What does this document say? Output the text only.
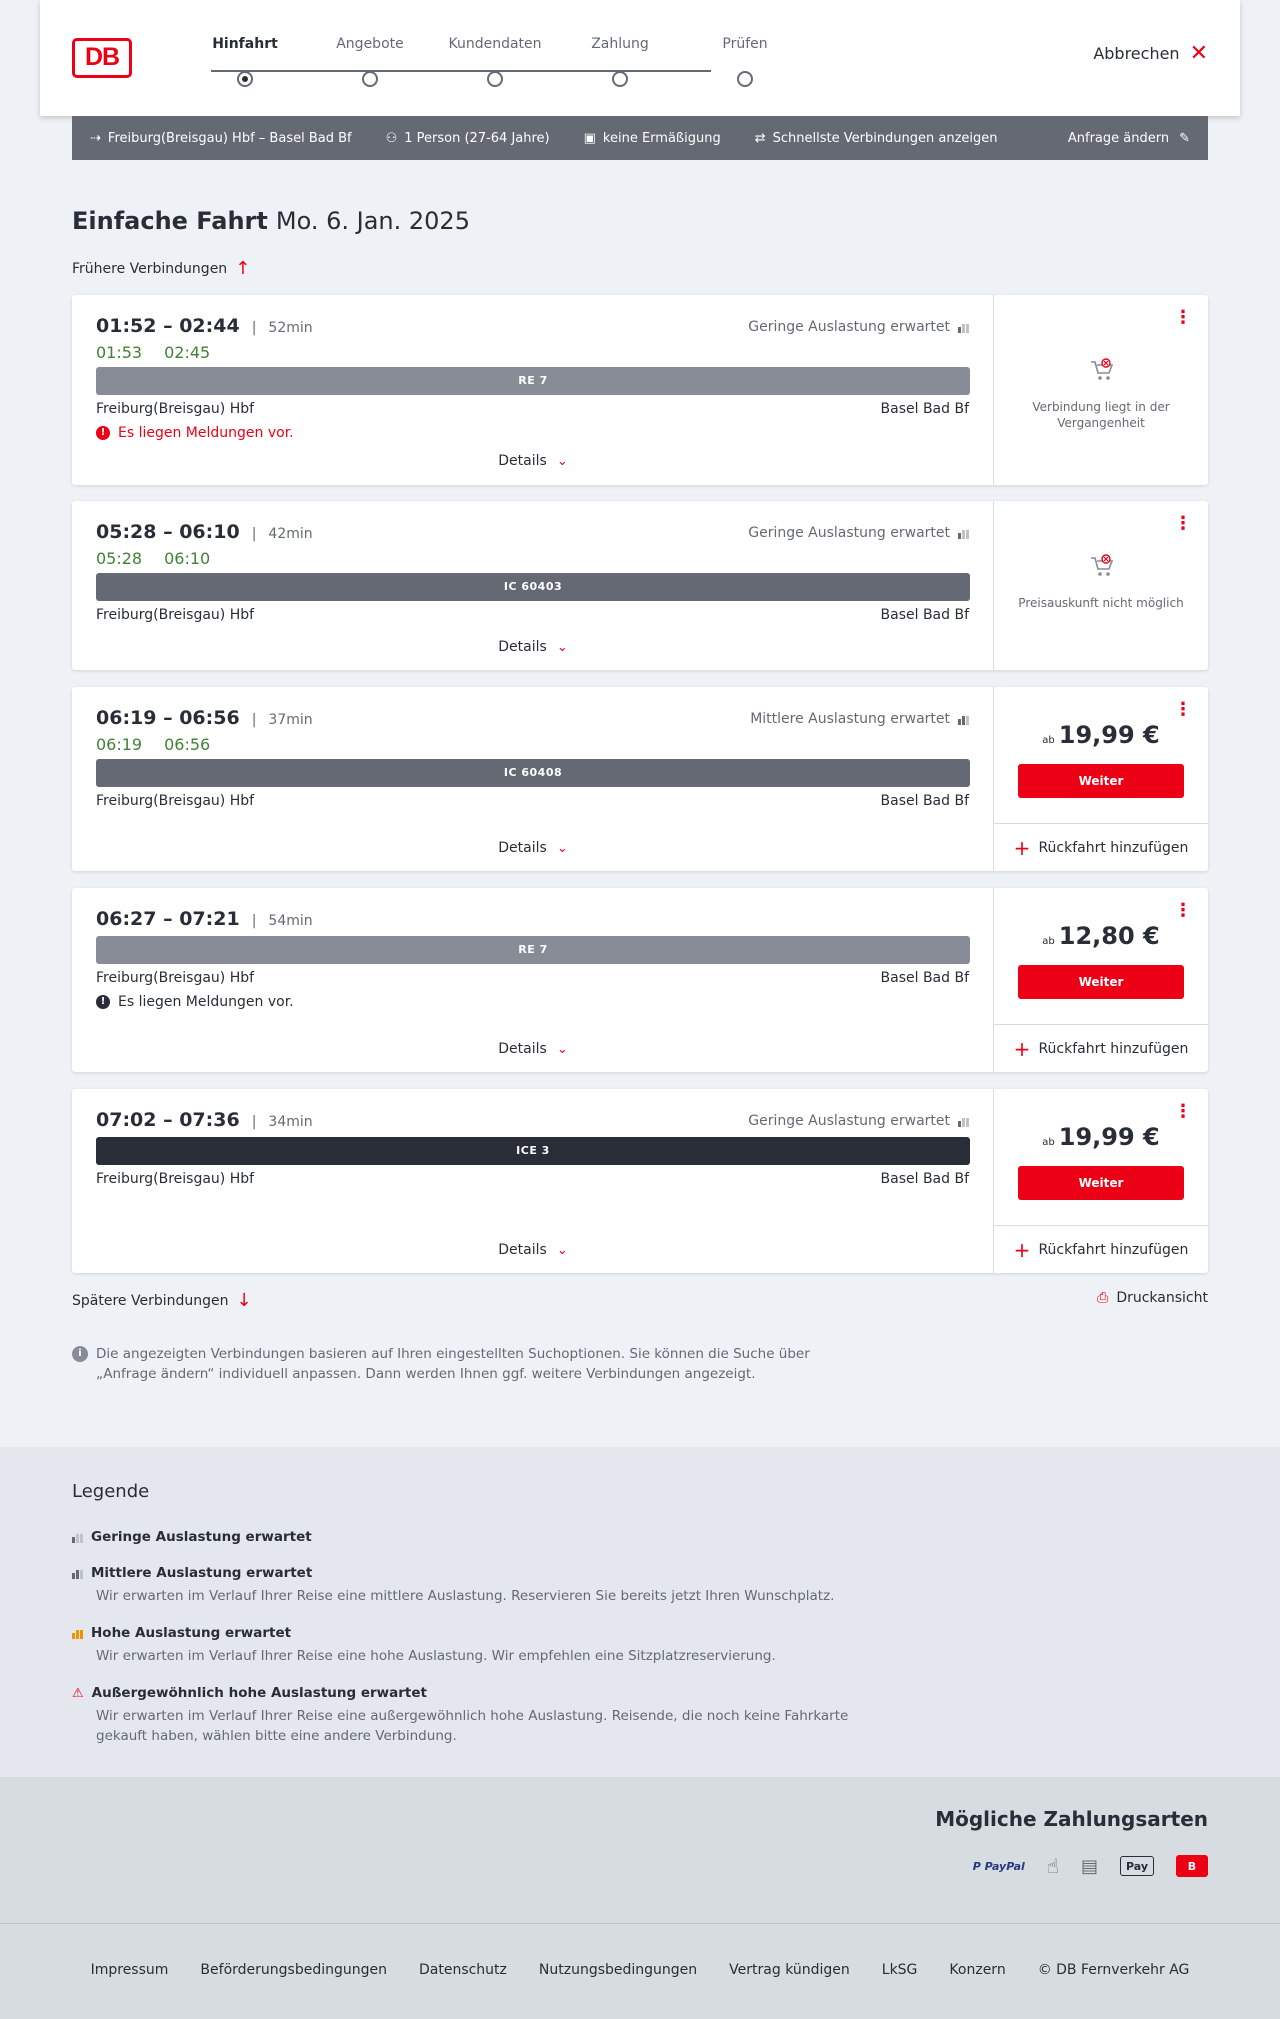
DB	Hinfahrt	Angebote	Kundendaten	Zahlung	Prüfen	Abbrechen ✕
⇢ Freiburg(Breisgau) Hbf – Basel Bad Bf	⚇ 1 Person (27-64 Jahre)	▣ keine Ermäßigung	⇄ Schnellste Verbindungen anzeigen	Anfrage ändern ✎
Einfache Fahrt Mo. 6. Jan. 2025
Frühere Verbindungen ↑
01:52 – 02:44 | 52min
01:53 02:45
Geringe Auslastung erwartet
RE 7
Freiburg(Breisgau) Hbf	Basel Bad Bf
! Es liegen Meldungen vor.
Details ⌄
⋮
Verbindung liegt in der Vergangenheit
05:28 – 06:10 | 42min
05:28 06:10
Geringe Auslastung erwartet
IC 60403
Freiburg(Breisgau) Hbf	Basel Bad Bf
Details ⌄
⋮
Preisauskunft nicht möglich
06:19 – 06:56 | 37min
06:19 06:56
Mittlere Auslastung erwartet
IC 60408
Freiburg(Breisgau) Hbf	Basel Bad Bf
Details ⌄
⋮
ab 19,99 €
Weiter
+ Rückfahrt hinzufügen
06:27 – 07:21 | 54min
RE 7
Freiburg(Breisgau) Hbf	Basel Bad Bf
! Es liegen Meldungen vor.
Details ⌄
⋮
ab 12,80 €
Weiter
+ Rückfahrt hinzufügen
07:02 – 07:36 | 34min	Geringe Auslastung erwartet
ICE 3
Freiburg(Breisgau) Hbf	Basel Bad Bf
Details ⌄
⋮
ab 19,99 €
Weiter
+ Rückfahrt hinzufügen
Spätere Verbindungen ↓	⎙ Druckansicht
i	Die angezeigten Verbindungen basieren auf Ihren eingestellten Suchoptionen. Sie können die Suche über „Anfrage ändern“ individuell anpassen. Dann werden Ihnen ggf. weitere Verbindungen angezeigt.
Legende
Geringe Auslastung erwartet
Mittlere Auslastung erwartet
Wir erwarten im Verlauf Ihrer Reise eine mittlere Auslastung. Reservieren Sie bereits jetzt Ihren Wunschplatz.
Hohe Auslastung erwartet
Wir erwarten im Verlauf Ihrer Reise eine hohe Auslastung. Wir empfehlen eine Sitzplatzreservierung.
⚠ Außergewöhnlich hohe Auslastung erwartet
Wir erwarten im Verlauf Ihrer Reise eine außergewöhnlich hohe Auslastung. Reisende, die noch keine Fahrkarte gekauft haben, wählen bitte eine andere Verbindung.
Mögliche Zahlungsarten
P PayPal ☝ ▤	Pay	B
Impressum Beförderungsbedingungen Datenschutz Nutzungsbedingungen Vertrag kündigen LkSG Konzern © DB Fernverkehr AG
